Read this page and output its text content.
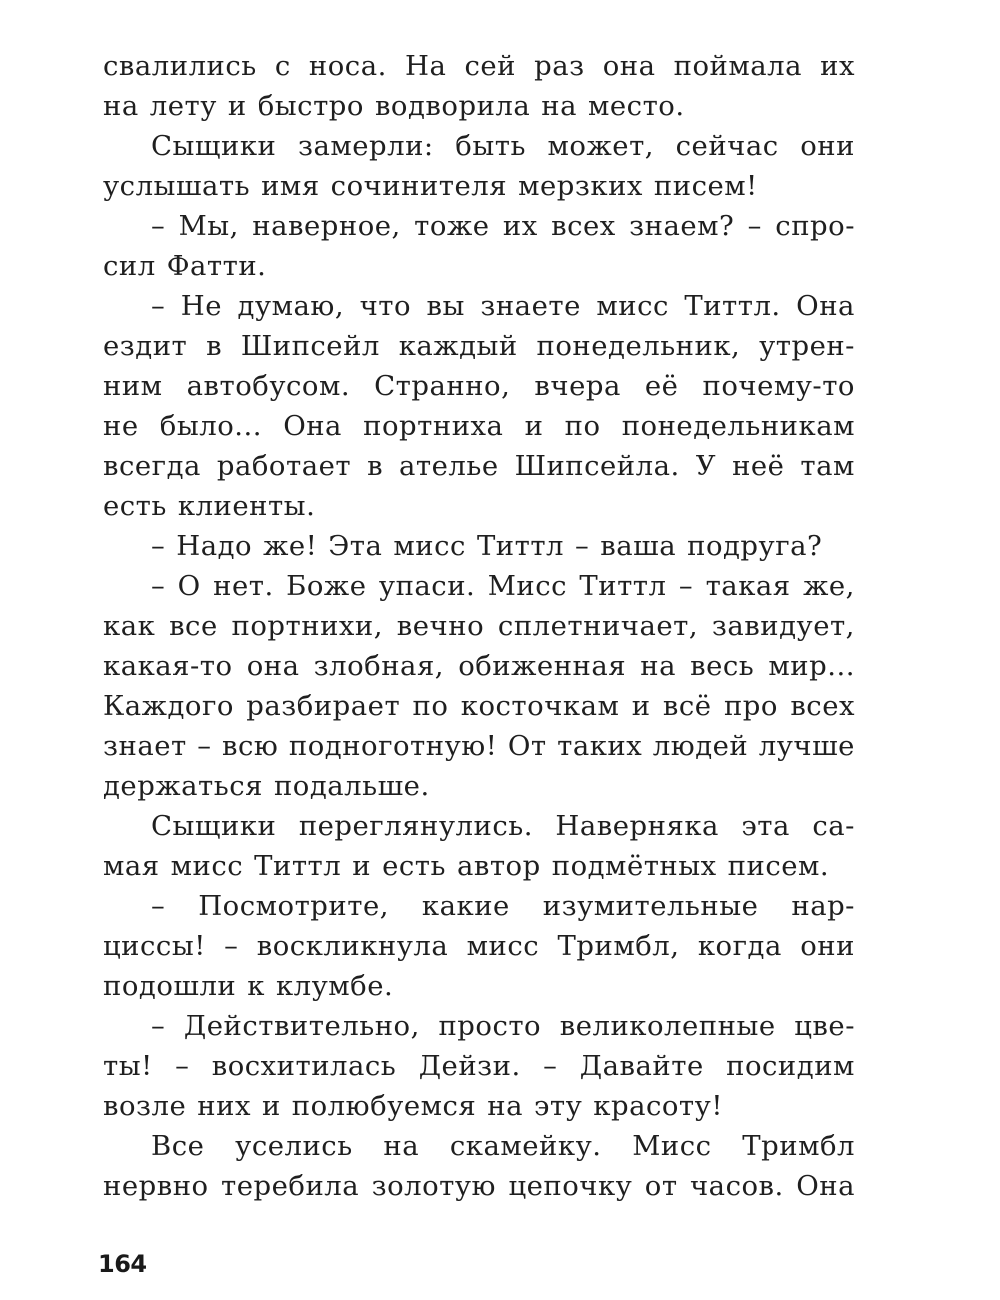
свалились с носа. На сей раз она поймала их
на лету и быстро водворила на место.
Сыщики замерли: быть может, сейчас они
услышать имя сочинителя мерзких писем!
– Мы, наверное, тоже их всех знаем? – спро-
сил Фатти.
– Не думаю, что вы знаете мисс Титтл. Она
ездит в Шипсейл каждый понедельник, утрен-
ним автобусом. Странно, вчера её почему-то
не было... Она портниха и по понедельникам
всегда работает в ателье Шипсейла. У неё там
есть клиенты.
– Надо же! Эта мисс Титтл – ваша подруга?
– О нет. Боже упаси. Мисс Титтл – такая же,
как все портнихи, вечно сплетничает, завидует,
какая-то она злобная, обиженная на весь мир...
Каждого разбирает по косточкам и всё про всех
знает – всю подноготную! От таких людей лучше
держаться подальше.
Сыщики переглянулись. Наверняка эта са-
мая мисс Титтл и есть автор подмётных писем.
– Посмотрите, какие изумительные нар-
циссы! – воскликнула мисс Тримбл, когда они
подошли к клумбе.
– Действительно, просто великолепные цве-
ты! – восхитилась Дейзи. – Давайте посидим
возле них и полюбуемся на эту красоту!
Все уселись на скамейку. Мисс Тримбл
нервно теребила золотую цепочку от часов. Она
164
